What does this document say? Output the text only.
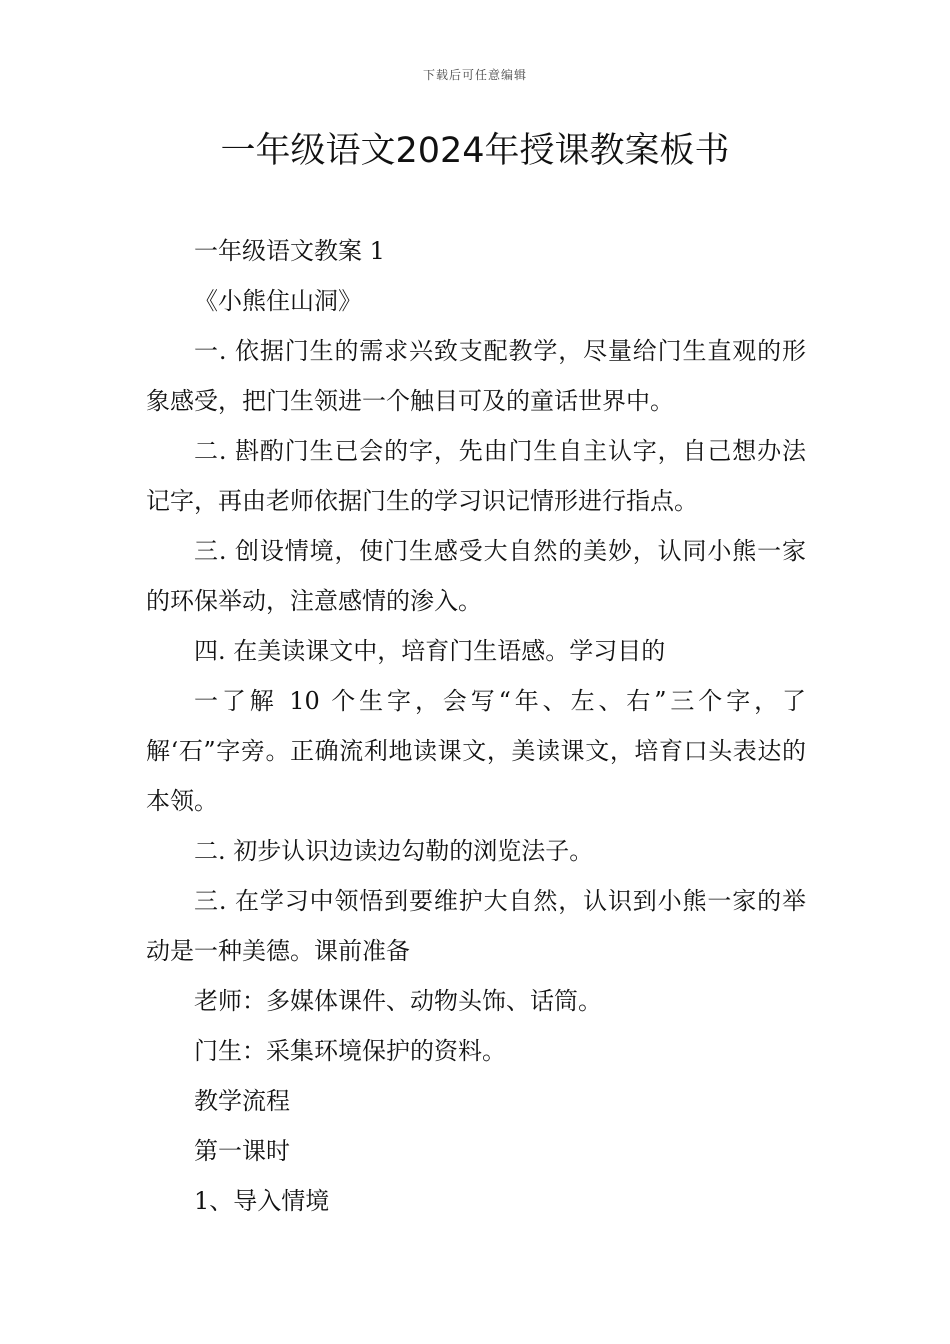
下载后可任意编辑
一年级语文2024年授课教案板书

一年级语文教案 1

《小熊住山洞》

一. 依据门生的需求兴致支配教学，尽量给门生直观的形象感受，把门生领进一个触目可及的童话世界中。

二. 斟酌门生已会的字，先由门生自主认字，自己想办法记字，再由老师依据门生的学习识记情形进行指点。

三. 创设情境，使门生感受大自然的美妙，认同小熊一家的环保举动，注意感情的渗入。

四. 在美读课文中，培育门生语感。学习目的

一了解 10 个生字，会写“年、左、右”三个字，了解‘石”字旁。正确流利地读课文，美读课文，培育口头表达的本领。

二. 初步认识边读边勾勒的浏览法子。

三. 在学习中领悟到要维护大自然，认识到小熊一家的举动是一种美德。课前准备

老师：多媒体课件、动物头饰、话筒。

门生：采集环境保护的资料。

教学流程

第一课时

1、导入情境
